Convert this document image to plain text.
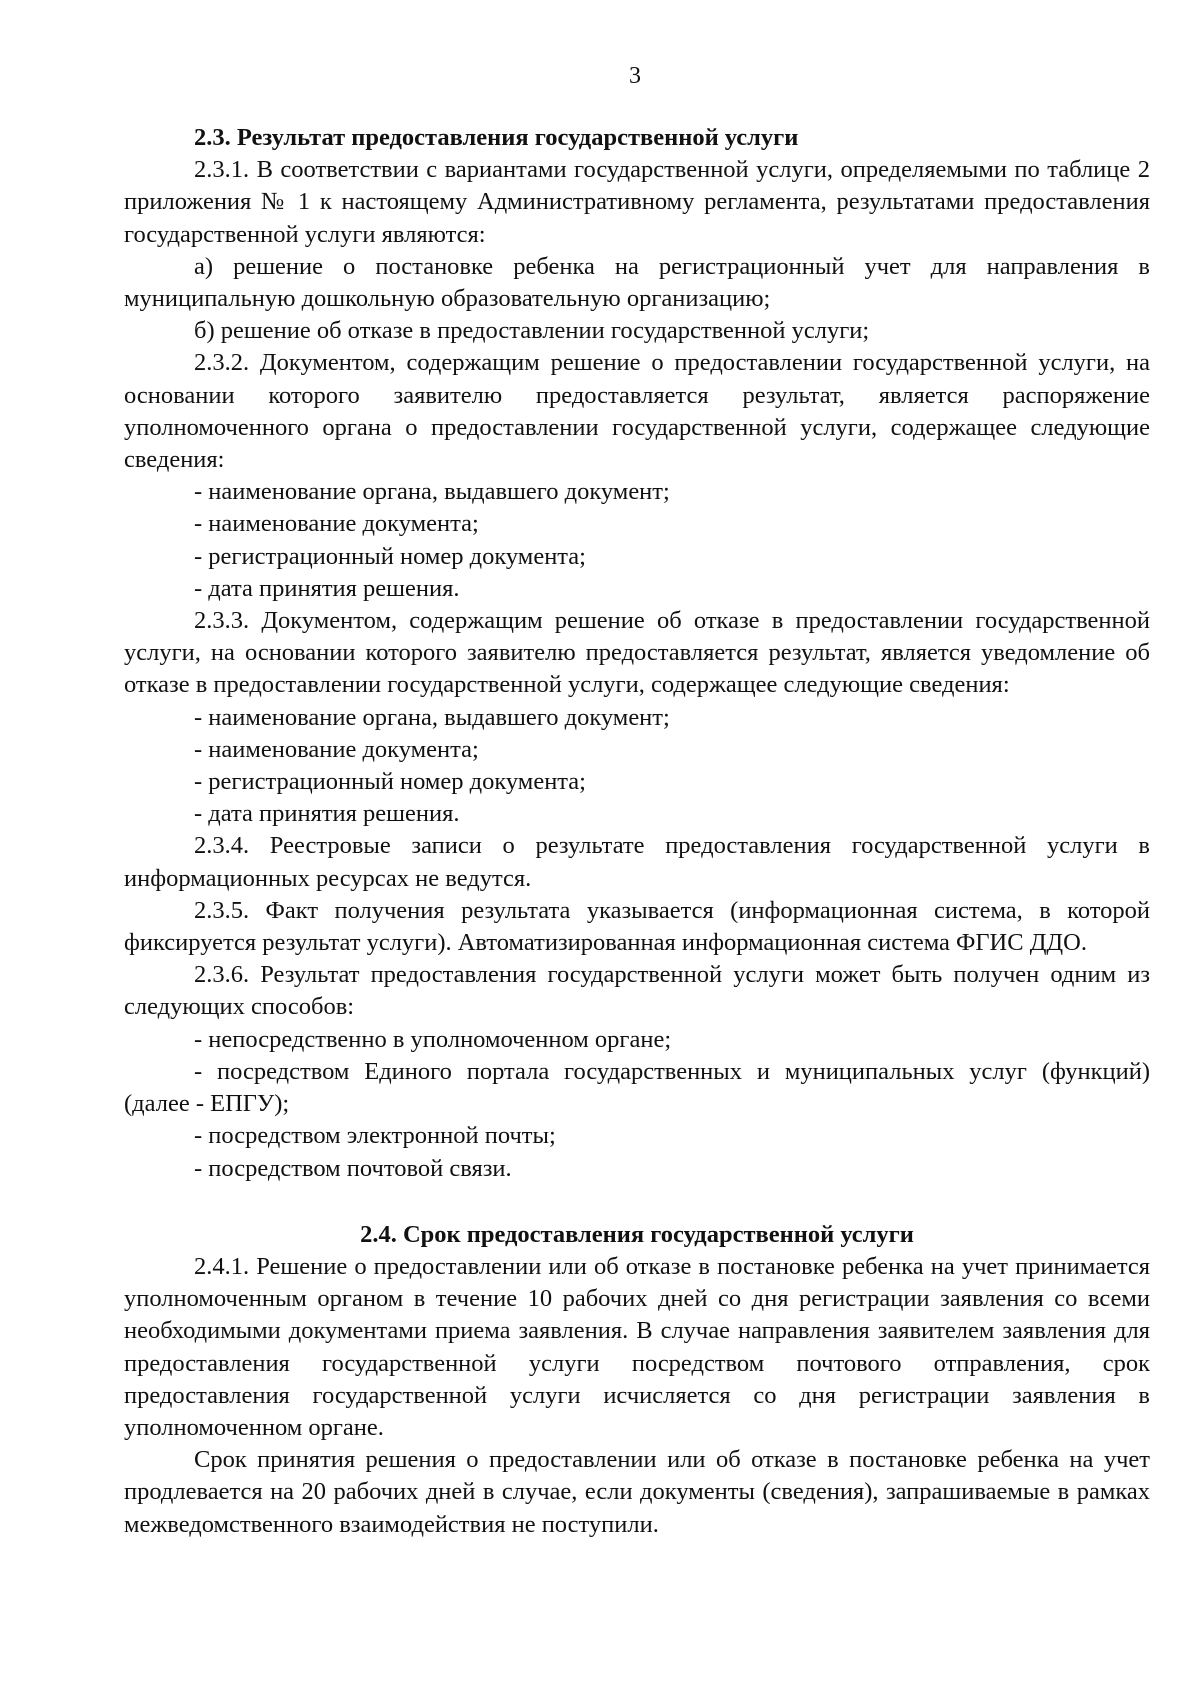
3

2.3. Результат предоставления государственной услуги

2.3.1. В соответствии с вариантами государственной услуги, определяемыми по таблице 2 приложения № 1 к настоящему Административному регламента, результатами предоставления государственной услуги являются:

а) решение о постановке ребенка на регистрационный учет для направления в муниципальную дошкольную образовательную организацию;

б) решение об отказе в предоставлении государственной услуги;

2.3.2. Документом, содержащим решение о предоставлении государственной услуги, на основании которого заявителю предоставляется результат, является распоряжение уполномоченного органа о предоставлении государственной услуги, содержащее следующие сведения:

- наименование органа, выдавшего документ;

- наименование документа;

- регистрационный номер документа;

- дата принятия решения.

2.3.3. Документом, содержащим решение об отказе в предоставлении государственной услуги, на основании которого заявителю предоставляется результат, является уведомление об отказе в предоставлении государственной услуги, содержащее следующие сведения:

- наименование органа, выдавшего документ;

- наименование документа;

- регистрационный номер документа;

- дата принятия решения.

2.3.4. Реестровые записи о результате предоставления государственной услуги в информационных ресурсах не ведутся.

2.3.5. Факт получения результата указывается (информационная система, в которой фиксируется результат услуги). Автоматизированная информационная система ФГИС ДДО.

2.3.6. Результат предоставления государственной услуги может быть получен одним из следующих способов:

- непосредственно в уполномоченном органе;

- посредством Единого портала государственных и муниципальных услуг (функций) (далее - ЕПГУ);

- посредством электронной почты;

- посредством почтовой связи.

2.4. Срок предоставления государственной услуги

2.4.1. Решение о предоставлении или об отказе в постановке ребенка на учет принимается уполномоченным органом в течение 10 рабочих дней со дня регистрации заявления со всеми необходимыми документами приема заявления. В случае направления заявителем заявления для предоставления государственной услуги посредством почтового отправления, срок предоставления государственной услуги исчисляется со дня регистрации заявления в уполномоченном органе.

Срок принятия решения о предоставлении или об отказе в постановке ребенка на учет продлевается на 20 рабочих дней в случае, если документы (сведения), запрашиваемые в рамках межведомственного взаимодействия не поступили.
